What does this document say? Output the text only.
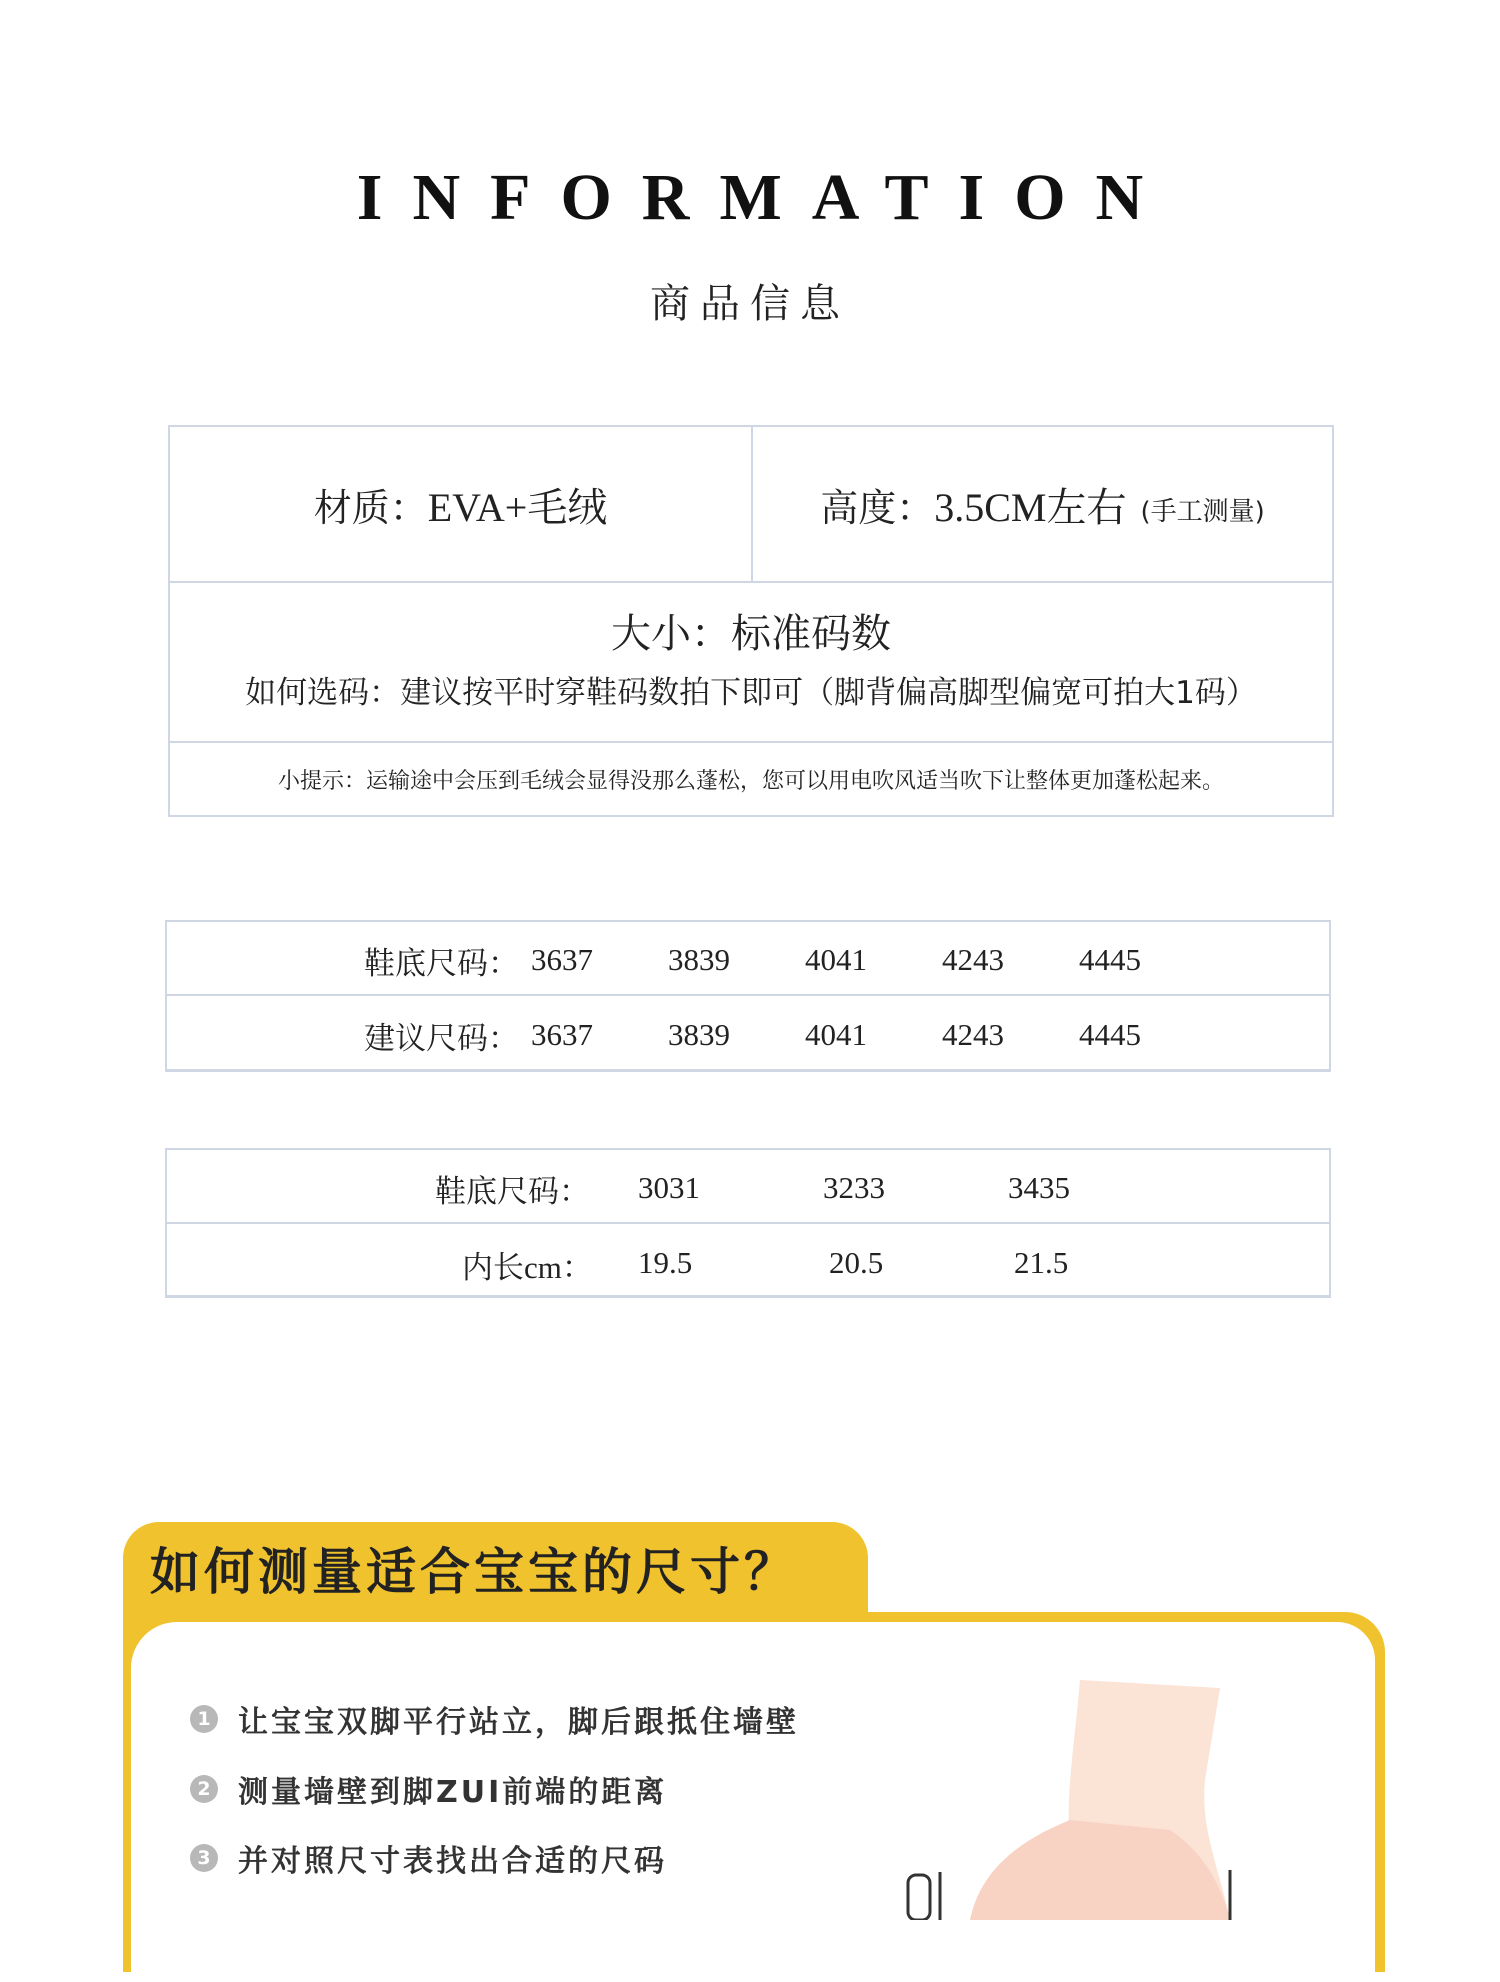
INFORMATION
商品信息
材质： EVA+毛绒	高度： 3.5CM左右 (手工测量)
大小：标准码数
如何选码：建议按平时穿鞋码数拍下即可（脚背偏高脚型偏宽可拍大1码）
小提示：运输途中会压到毛绒会显得没那么蓬松，您可以用电吹风适当吹下让整体更加蓬松起来。
鞋底尺码： 3637 3839 4041 4243 4445
建议尺码： 3637 3839 4041 4243 4445
鞋底尺码： 3031	3233	3435
内长cm： 19.5	20.5	21.5
如何测量适合宝宝的尺寸？
1 让宝宝双脚平行站立，脚后跟抵住墙壁
2 测量墙壁到脚ZUI前端的距离
3 并对照尺寸表找出合适的尺码
